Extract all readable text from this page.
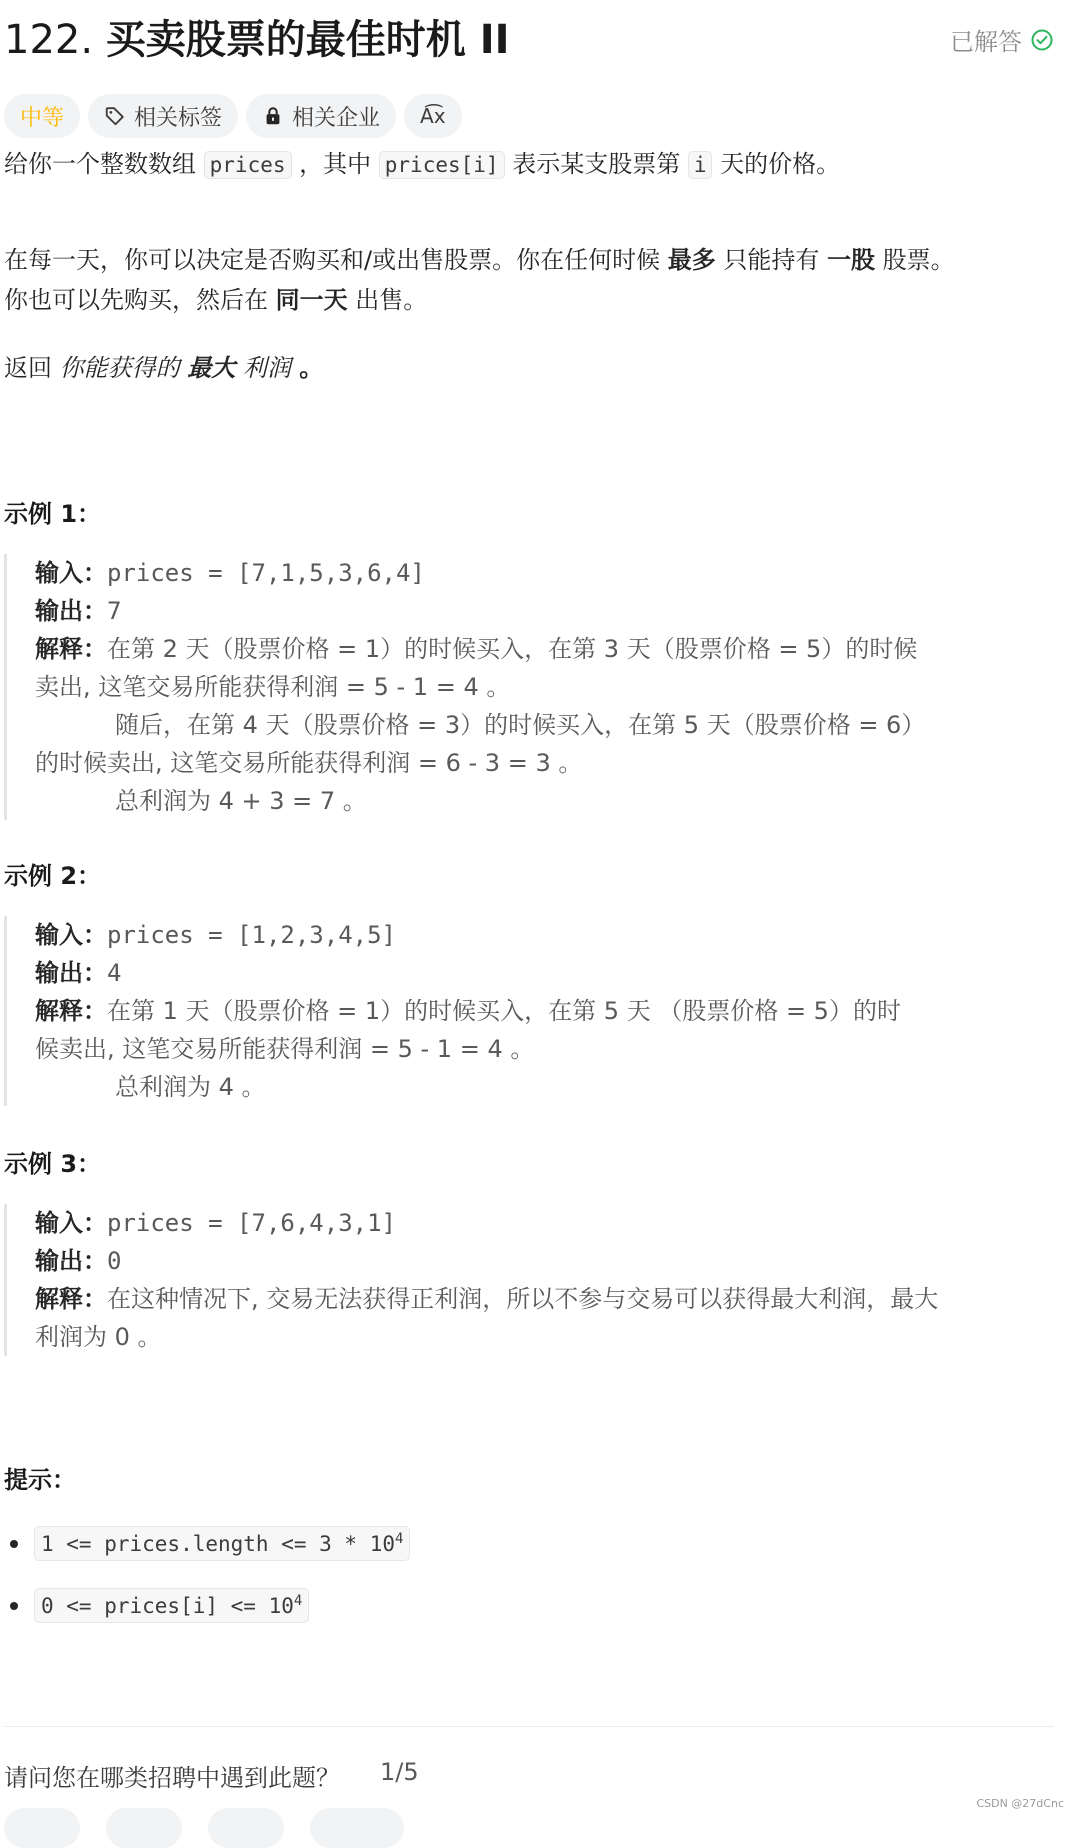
122. 买卖股票的最佳时机 II	已解答
中等	相关标签	相关企业 A͡x
给你一个整数数组 prices ，其中 prices[i] 表示某支股票第 i 天的价格。
在每一天，你可以决定是否购买和/或出售股票。你在任何时候 最多 只能持有 一股 股票。
你也可以先购买，然后在 同一天 出售。
返回 你能获得的 最大 利润 。
示例 1：
输入：prices = [7,1,5,3,6,4]
输出：7
解释：在第 2 天（股票价格 = 1）的时候买入，在第 3 天（股票价格 = 5）的时候
卖出, 这笔交易所能获得利润 = 5 - 1 = 4 。
随后，在第 4 天（股票价格 = 3）的时候买入，在第 5 天（股票价格 = 6）
的时候卖出, 这笔交易所能获得利润 = 6 - 3 = 3 。
总利润为 4 + 3 = 7 。
示例 2：
输入：prices = [1,2,3,4,5]
输出：4
解释：在第 1 天（股票价格 = 1）的时候买入，在第 5 天 （股票价格 = 5）的时
候卖出, 这笔交易所能获得利润 = 5 - 1 = 4 。
总利润为 4 。
示例 3：
输入：prices = [7,6,4,3,1]
输出：0
解释：在这种情况下, 交易无法获得正利润，所以不参与交易可以获得最大利润，最大
利润为 0 。
提示：
1 <= prices.length <= $3 * 10^4$
0 <= prices[i] <= $10^4$
请问您在哪类招聘中遇到此题？ 1/5
CSDN @27dCnc
